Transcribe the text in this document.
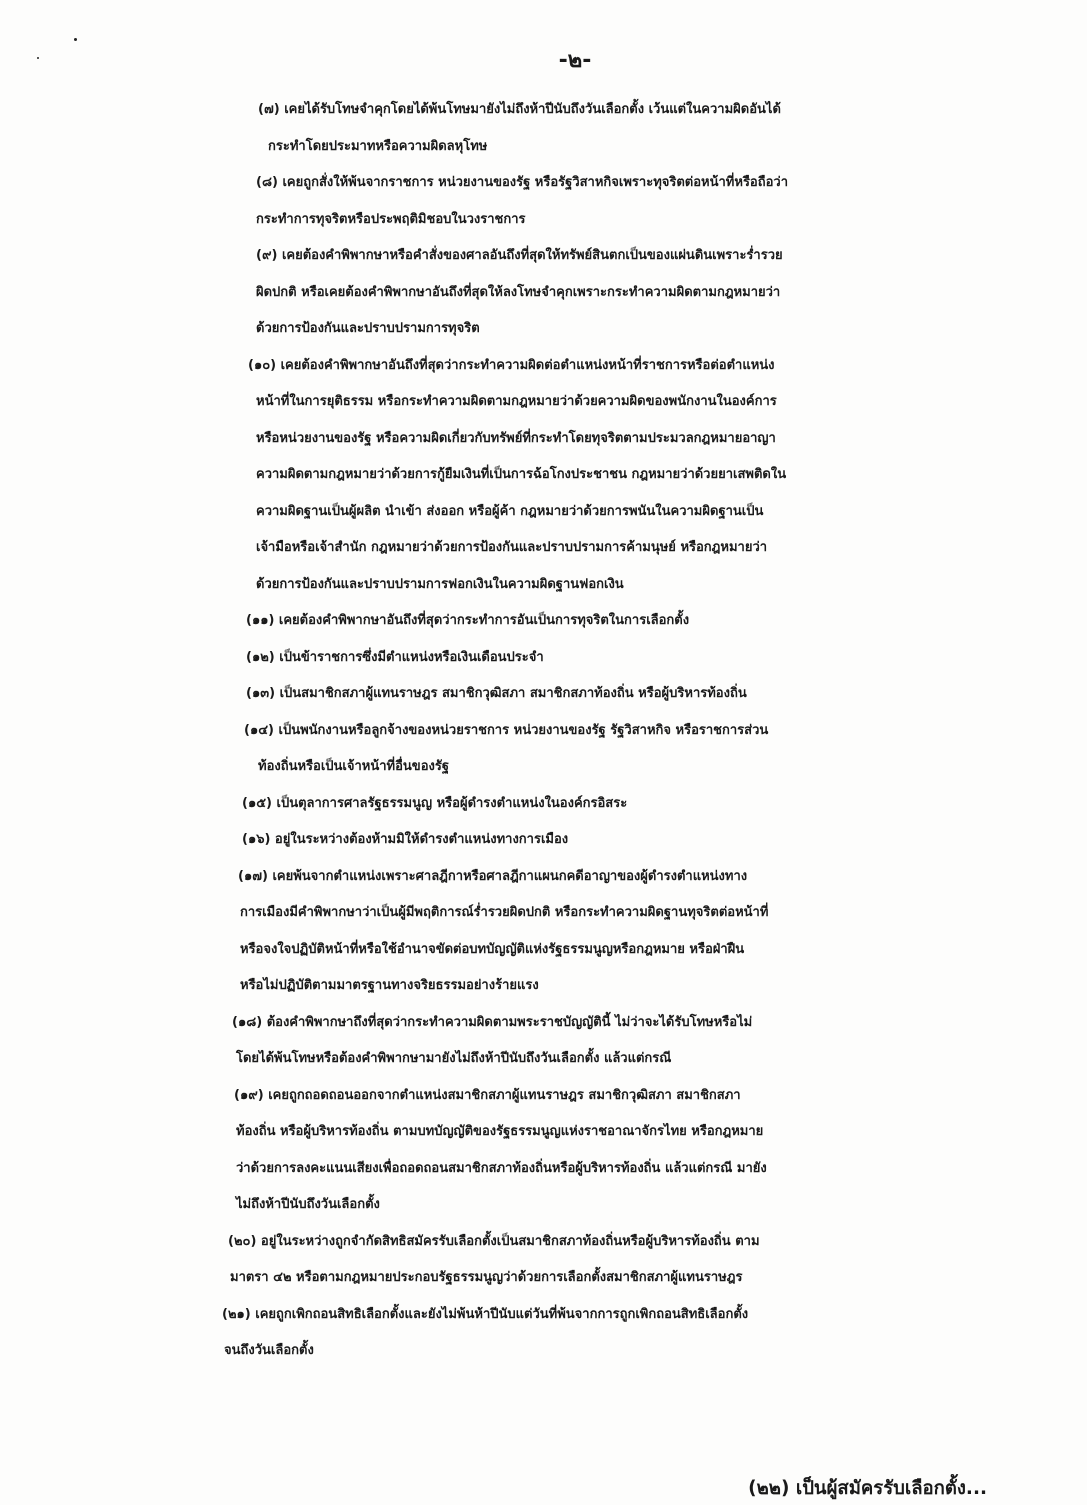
-๒-
(๗) เคยได้รับโทษจำคุกโดยได้พ้นโทษมายังไม่ถึงห้าปีนับถึงวันเลือกตั้ง เว้นแต่ในความผิดอันได้
กระทำโดยประมาทหรือความผิดลหุโทษ
(๘) เคยถูกสั่งให้พ้นจากราชการ หน่วยงานของรัฐ หรือรัฐวิสาหกิจเพราะทุจริตต่อหน้าที่หรือถือว่า
กระทำการทุจริตหรือประพฤติมิชอบในวงราชการ
(๙) เคยต้องคำพิพากษาหรือคำสั่งของศาลอันถึงที่สุดให้ทรัพย์สินตกเป็นของแผ่นดินเพราะร่ำรวย
ผิดปกติ หรือเคยต้องคำพิพากษาอันถึงที่สุดให้ลงโทษจำคุกเพราะกระทำความผิดตามกฎหมายว่า
ด้วยการป้องกันและปราบปรามการทุจริต
(๑๐) เคยต้องคำพิพากษาอันถึงที่สุดว่ากระทำความผิดต่อตำแหน่งหน้าที่ราชการหรือต่อตำแหน่ง
หน้าที่ในการยุติธรรม หรือกระทำความผิดตามกฎหมายว่าด้วยความผิดของพนักงานในองค์การ
หรือหน่วยงานของรัฐ หรือความผิดเกี่ยวกับทรัพย์ที่กระทำโดยทุจริตตามประมวลกฎหมายอาญา
ความผิดตามกฎหมายว่าด้วยการกู้ยืมเงินที่เป็นการฉ้อโกงประชาชน กฎหมายว่าด้วยยาเสพติดใน
ความผิดฐานเป็นผู้ผลิต นำเข้า ส่งออก หรือผู้ค้า กฎหมายว่าด้วยการพนันในความผิดฐานเป็น
เจ้ามือหรือเจ้าสำนัก กฎหมายว่าด้วยการป้องกันและปราบปรามการค้ามนุษย์ หรือกฎหมายว่า
ด้วยการป้องกันและปราบปรามการฟอกเงินในความผิดฐานฟอกเงิน
(๑๑) เคยต้องคำพิพากษาอันถึงที่สุดว่ากระทำการอันเป็นการทุจริตในการเลือกตั้ง
(๑๒) เป็นข้าราชการซึ่งมีตำแหน่งหรือเงินเดือนประจำ
(๑๓) เป็นสมาชิกสภาผู้แทนราษฎร สมาชิกวุฒิสภา สมาชิกสภาท้องถิ่น หรือผู้บริหารท้องถิ่น
(๑๔) เป็นพนักงานหรือลูกจ้างของหน่วยราชการ หน่วยงานของรัฐ รัฐวิสาหกิจ หรือราชการส่วน
ท้องถิ่นหรือเป็นเจ้าหน้าที่อื่นของรัฐ
(๑๕) เป็นตุลาการศาลรัฐธรรมนูญ หรือผู้ดำรงตำแหน่งในองค์กรอิสระ
(๑๖) อยู่ในระหว่างต้องห้ามมิให้ดำรงตำแหน่งทางการเมือง
(๑๗) เคยพ้นจากตำแหน่งเพราะศาลฎีกาหรือศาลฎีกาแผนกคดีอาญาของผู้ดำรงตำแหน่งทาง
การเมืองมีคำพิพากษาว่าเป็นผู้มีพฤติการณ์ร่ำรวยผิดปกติ หรือกระทำความผิดฐานทุจริตต่อหน้าที่
หรือจงใจปฏิบัติหน้าที่หรือใช้อำนาจขัดต่อบทบัญญัติแห่งรัฐธรรมนูญหรือกฎหมาย หรือฝ่าฝืน
หรือไม่ปฏิบัติตามมาตรฐานทางจริยธรรมอย่างร้ายแรง
(๑๘) ต้องคำพิพากษาถึงที่สุดว่ากระทำความผิดตามพระราชบัญญัตินี้ ไม่ว่าจะได้รับโทษหรือไม่
โดยได้พ้นโทษหรือต้องคำพิพากษามายังไม่ถึงห้าปีนับถึงวันเลือกตั้ง แล้วแต่กรณี
(๑๙) เคยถูกถอดถอนออกจากตำแหน่งสมาชิกสภาผู้แทนราษฎร สมาชิกวุฒิสภา สมาชิกสภา
ท้องถิ่น หรือผู้บริหารท้องถิ่น ตามบทบัญญัติของรัฐธรรมนูญแห่งราชอาณาจักรไทย หรือกฎหมาย
ว่าด้วยการลงคะแนนเสียงเพื่อถอดถอนสมาชิกสภาท้องถิ่นหรือผู้บริหารท้องถิ่น แล้วแต่กรณี มายัง
ไม่ถึงห้าปีนับถึงวันเลือกตั้ง
(๒๐) อยู่ในระหว่างถูกจำกัดสิทธิสมัครรับเลือกตั้งเป็นสมาชิกสภาท้องถิ่นหรือผู้บริหารท้องถิ่น ตาม
มาตรา ๔๒ หรือตามกฎหมายประกอบรัฐธรรมนูญว่าด้วยการเลือกตั้งสมาชิกสภาผู้แทนราษฎร
(๒๑) เคยถูกเพิกถอนสิทธิเลือกตั้งและยังไม่พ้นห้าปีนับแต่วันที่พ้นจากการถูกเพิกถอนสิทธิเลือกตั้ง
จนถึงวันเลือกตั้ง
(๒๒) เป็นผู้สมัครรับเลือกตั้ง...
